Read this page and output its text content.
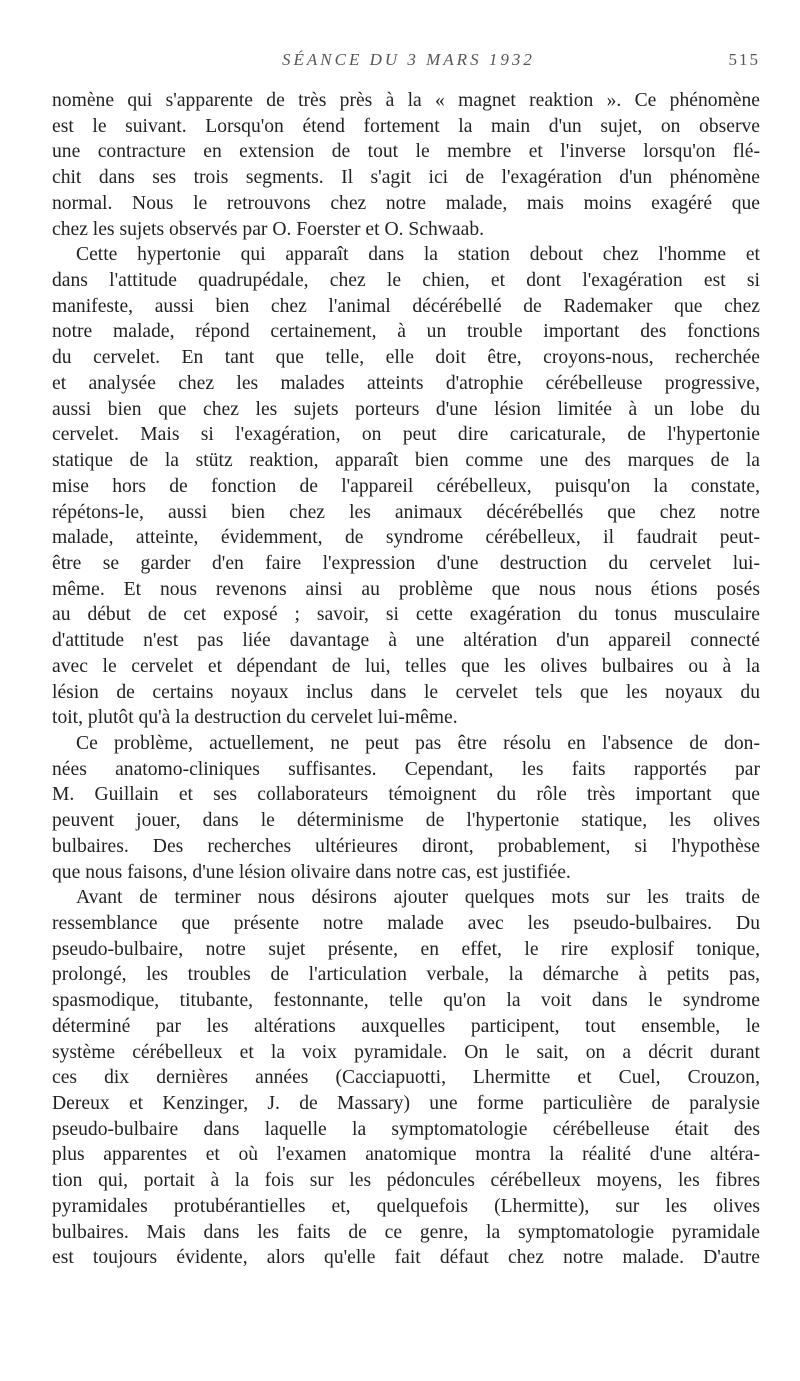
SÉANCE DU 3 MARS 1932	515
nomène qui s'apparente de très près à la « magnet reaktion ». Ce phénomène
est le suivant. Lorsqu'on étend fortement la main d'un sujet, on observe
une contracture en extension de tout le membre et l'inverse lorsqu'on flé-
chit dans ses trois segments. Il s'agit ici de l'exagération d'un phénomène
normal. Nous le retrouvons chez notre malade, mais moins exagéré que
chez les sujets observés par O. Foerster et O. Schwaab.
Cette hypertonie qui apparaît dans la station debout chez l'homme et
dans l'attitude quadrupédale, chez le chien, et dont l'exagération est si
manifeste, aussi bien chez l'animal décérébellé de Rademaker que chez
notre malade, répond certainement, à un trouble important des fonctions
du cervelet. En tant que telle, elle doit être, croyons-nous, recherchée
et analysée chez les malades atteints d'atrophie cérébelleuse progressive,
aussi bien que chez les sujets porteurs d'une lésion limitée à un lobe du
cervelet. Mais si l'exagération, on peut dire caricaturale, de l'hypertonie
statique de la stütz reaktion, apparaît bien comme une des marques de la
mise hors de fonction de l'appareil cérébelleux, puisqu'on la constate,
répétons-le, aussi bien chez les animaux décérébellés que chez notre
malade, atteinte, évidemment, de syndrome cérébelleux, il faudrait peut-
être se garder d'en faire l'expression d'une destruction du cervelet lui-
même. Et nous revenons ainsi au problème que nous nous étions posés
au début de cet exposé ; savoir, si cette exagération du tonus musculaire
d'attitude n'est pas liée davantage à une altération d'un appareil connecté
avec le cervelet et dépendant de lui, telles que les olives bulbaires ou à la
lésion de certains noyaux inclus dans le cervelet tels que les noyaux du
toit, plutôt qu'à la destruction du cervelet lui-même.
Ce problème, actuellement, ne peut pas être résolu en l'absence de don-
nées anatomo-cliniques suffisantes. Cependant, les faits rapportés par
M. Guillain et ses collaborateurs témoignent du rôle très important que
peuvent jouer, dans le déterminisme de l'hypertonie statique, les olives
bulbaires. Des recherches ultérieures diront, probablement, si l'hypothèse
que nous faisons, d'une lésion olivaire dans notre cas, est justifiée.
Avant de terminer nous désirons ajouter quelques mots sur les traits de
ressemblance que présente notre malade avec les pseudo-bulbaires. Du
pseudo-bulbaire, notre sujet présente, en effet, le rire explosif tonique,
prolongé, les troubles de l'articulation verbale, la démarche à petits pas,
spasmodique, titubante, festonnante, telle qu'on la voit dans le syndrome
déterminé par les altérations auxquelles participent, tout ensemble, le
système cérébelleux et la voix pyramidale. On le sait, on a décrit durant
ces dix dernières années (Cacciapuotti, Lhermitte et Cuel, Crouzon,
Dereux et Kenzinger, J. de Massary) une forme particulière de paralysie
pseudo-bulbaire dans laquelle la symptomatologie cérébelleuse était des
plus apparentes et où l'examen anatomique montra la réalité d'une altéra-
tion qui, portait à la fois sur les pédoncules cérébelleux moyens, les fibres
pyramidales protubérantielles et, quelquefois (Lhermitte), sur les olives
bulbaires. Mais dans les faits de ce genre, la symptomatologie pyramidale
est toujours évidente, alors qu'elle fait défaut chez notre malade. D'autre
